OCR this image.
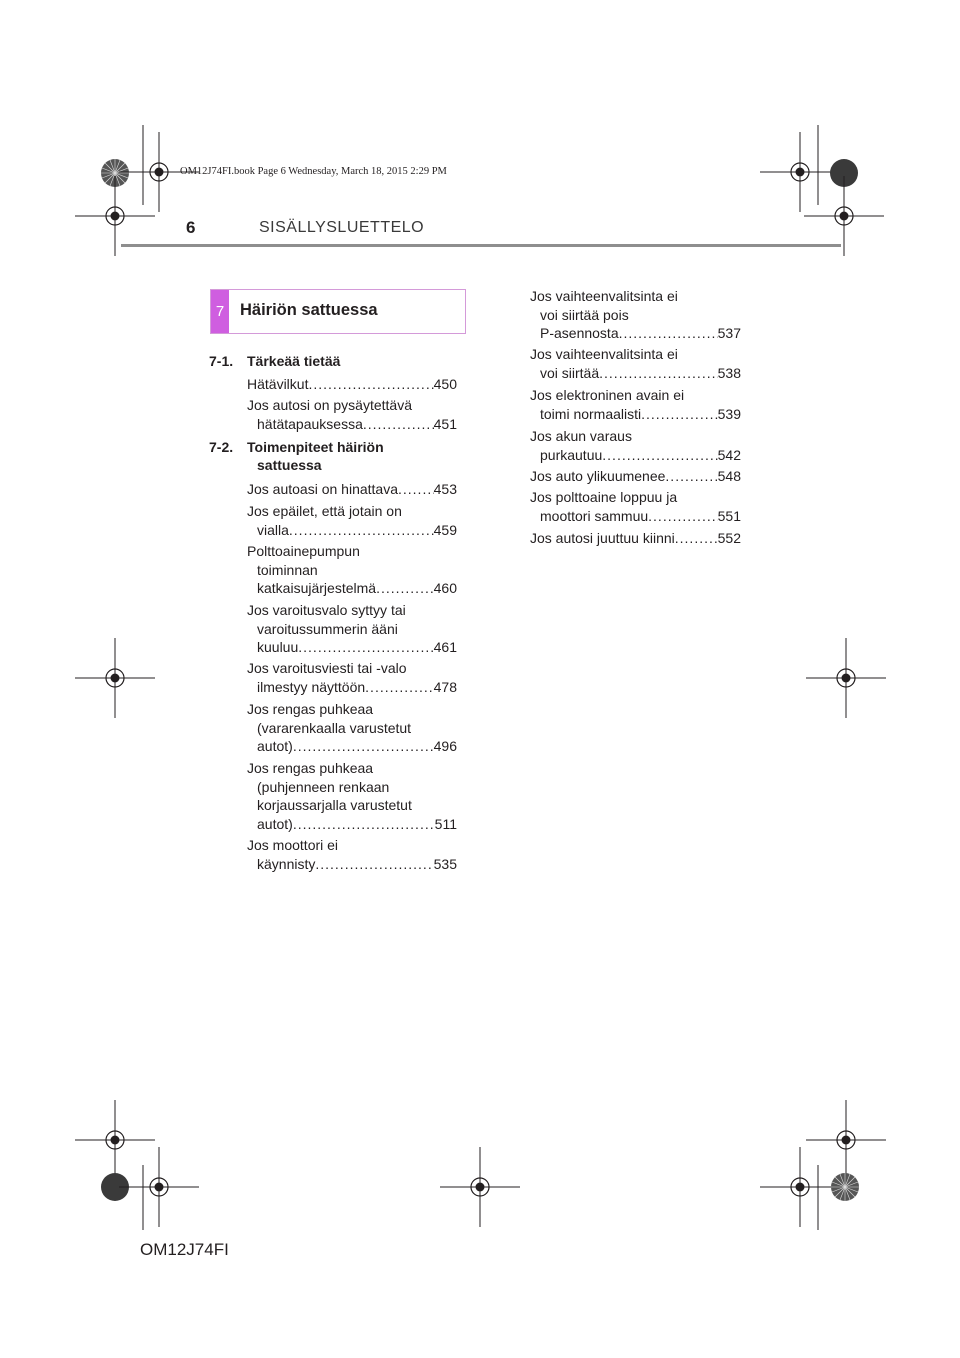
OM12J74FI.book Page 6 Wednesday, March 18, 2015 2:29 PM
6	SISÄLLYSLUETTELO
7 Häiriön sattuessa
7-1. Tärkeää tietää
Hätävilkut .....	450
Jos autosi on pysäytettävä
hätätapauksessa .....	451
7-2. Toimenpiteet häiriön
sattuessa
Jos autoasi on hinattava .....	453
Jos epäilet, että jotain on
vialla .....	459
Polttoainepumpun
toiminnan
katkaisujärjestelmä .....	460
Jos varoitusvalo syttyy tai
varoitussummerin ääni
kuuluu .....	461
Jos varoitusviesti tai -valo
ilmestyy näyttöön .....	478
Jos rengas puhkeaa
(vararenkaalla varustetut
autot) .....	496
Jos rengas puhkeaa
(puhjenneen renkaan
korjaussarjalla varustetut
autot) .....	511
Jos moottori ei
käynnisty .....	535
Jos vaihteenvalitsinta ei
voi siirtää pois
P-asennosta .....	537
Jos vaihteenvalitsinta ei
voi siirtää .....	538
Jos elektroninen avain ei
toimi normaalisti .....	539
Jos akun varaus
purkautuu .....	542
Jos auto ylikuumenee .....	548
Jos polttoaine loppuu ja
moottori sammuu .....	551
Jos autosi juuttuu kiinni .....	552
OM12J74FI
